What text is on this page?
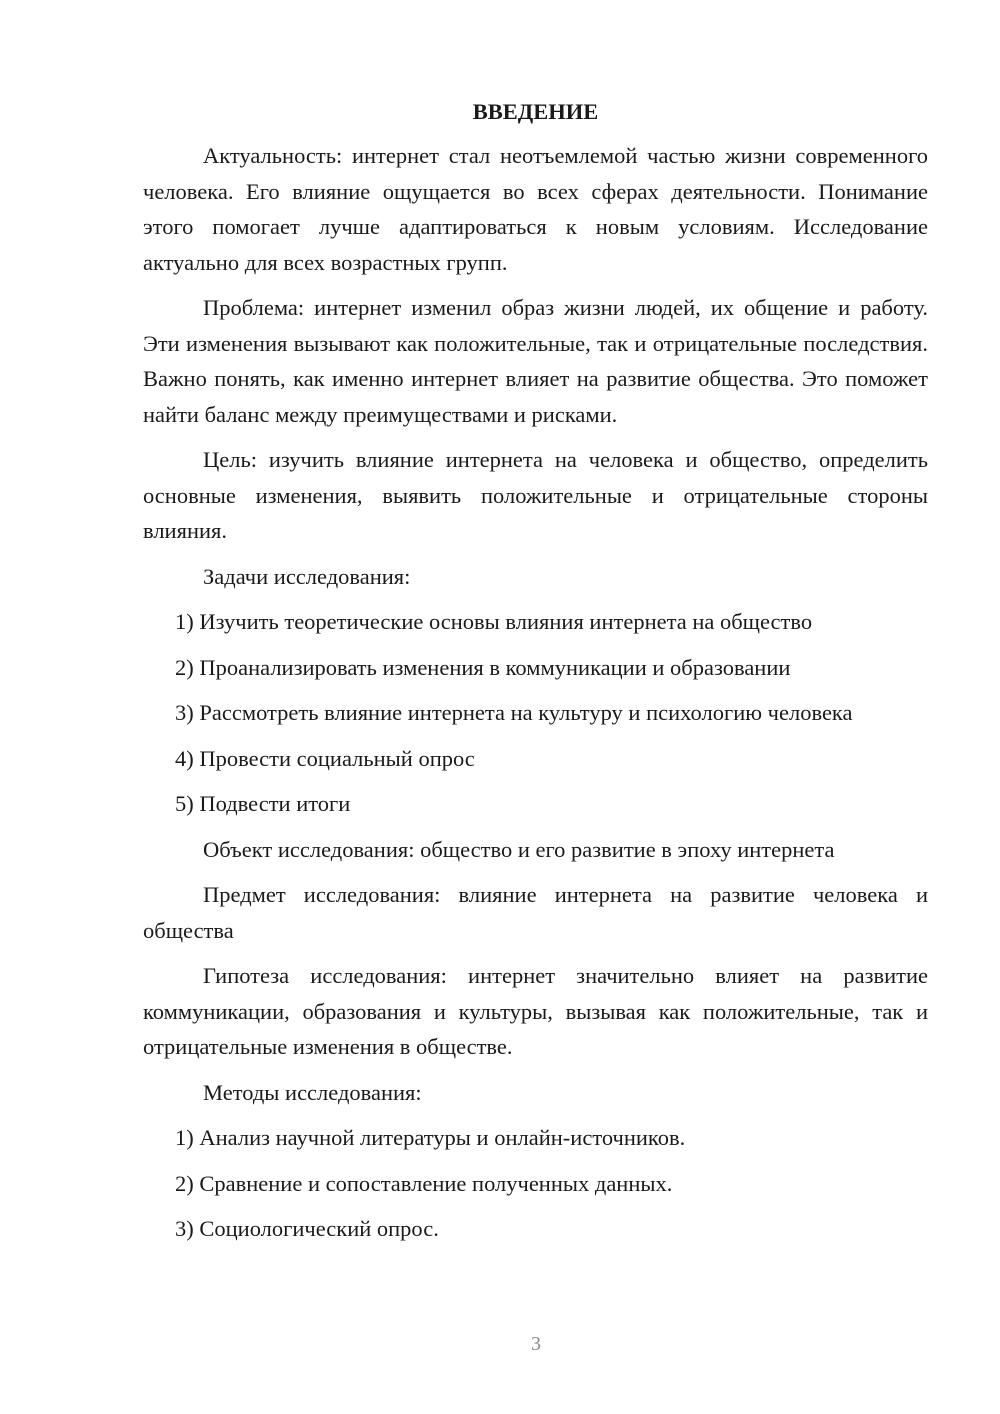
ВВЕДЕНИЕ

Актуальность: интернет стал неотъемлемой частью жизни современного человека. Его влияние ощущается во всех сферах деятельности. Понимание этого помогает лучше адаптироваться к новым условиям. Исследование актуально для всех возрастных групп.

Проблема: интернет изменил образ жизни людей, их общение и работу. Эти изменения вызывают как положительные, так и отрицательные последствия. Важно понять, как именно интернет влияет на развитие общества. Это поможет найти баланс между преимуществами и рисками.

Цель: изучить влияние интернета на человека и общество, определить основные изменения, выявить положительные и отрицательные стороны влияния.

Задачи исследования:

1) Изучить теоретические основы влияния интернета на общество
2) Проанализировать изменения в коммуникации и образовании
3) Рассмотреть влияние интернета на культуру и психологию человека
4) Провести социальный опрос
5) Подвести итоги

Объект исследования: общество и его развитие в эпоху интернета

Предмет исследования: влияние интернета на развитие человека и общества

Гипотеза исследования: интернет значительно влияет на развитие коммуникации, образования и культуры, вызывая как положительные, так и отрицательные изменения в обществе.

Методы исследования:

1) Анализ научной литературы и онлайн-источников.
2) Сравнение и сопоставление полученных данных.
3) Социологический опрос.
3
